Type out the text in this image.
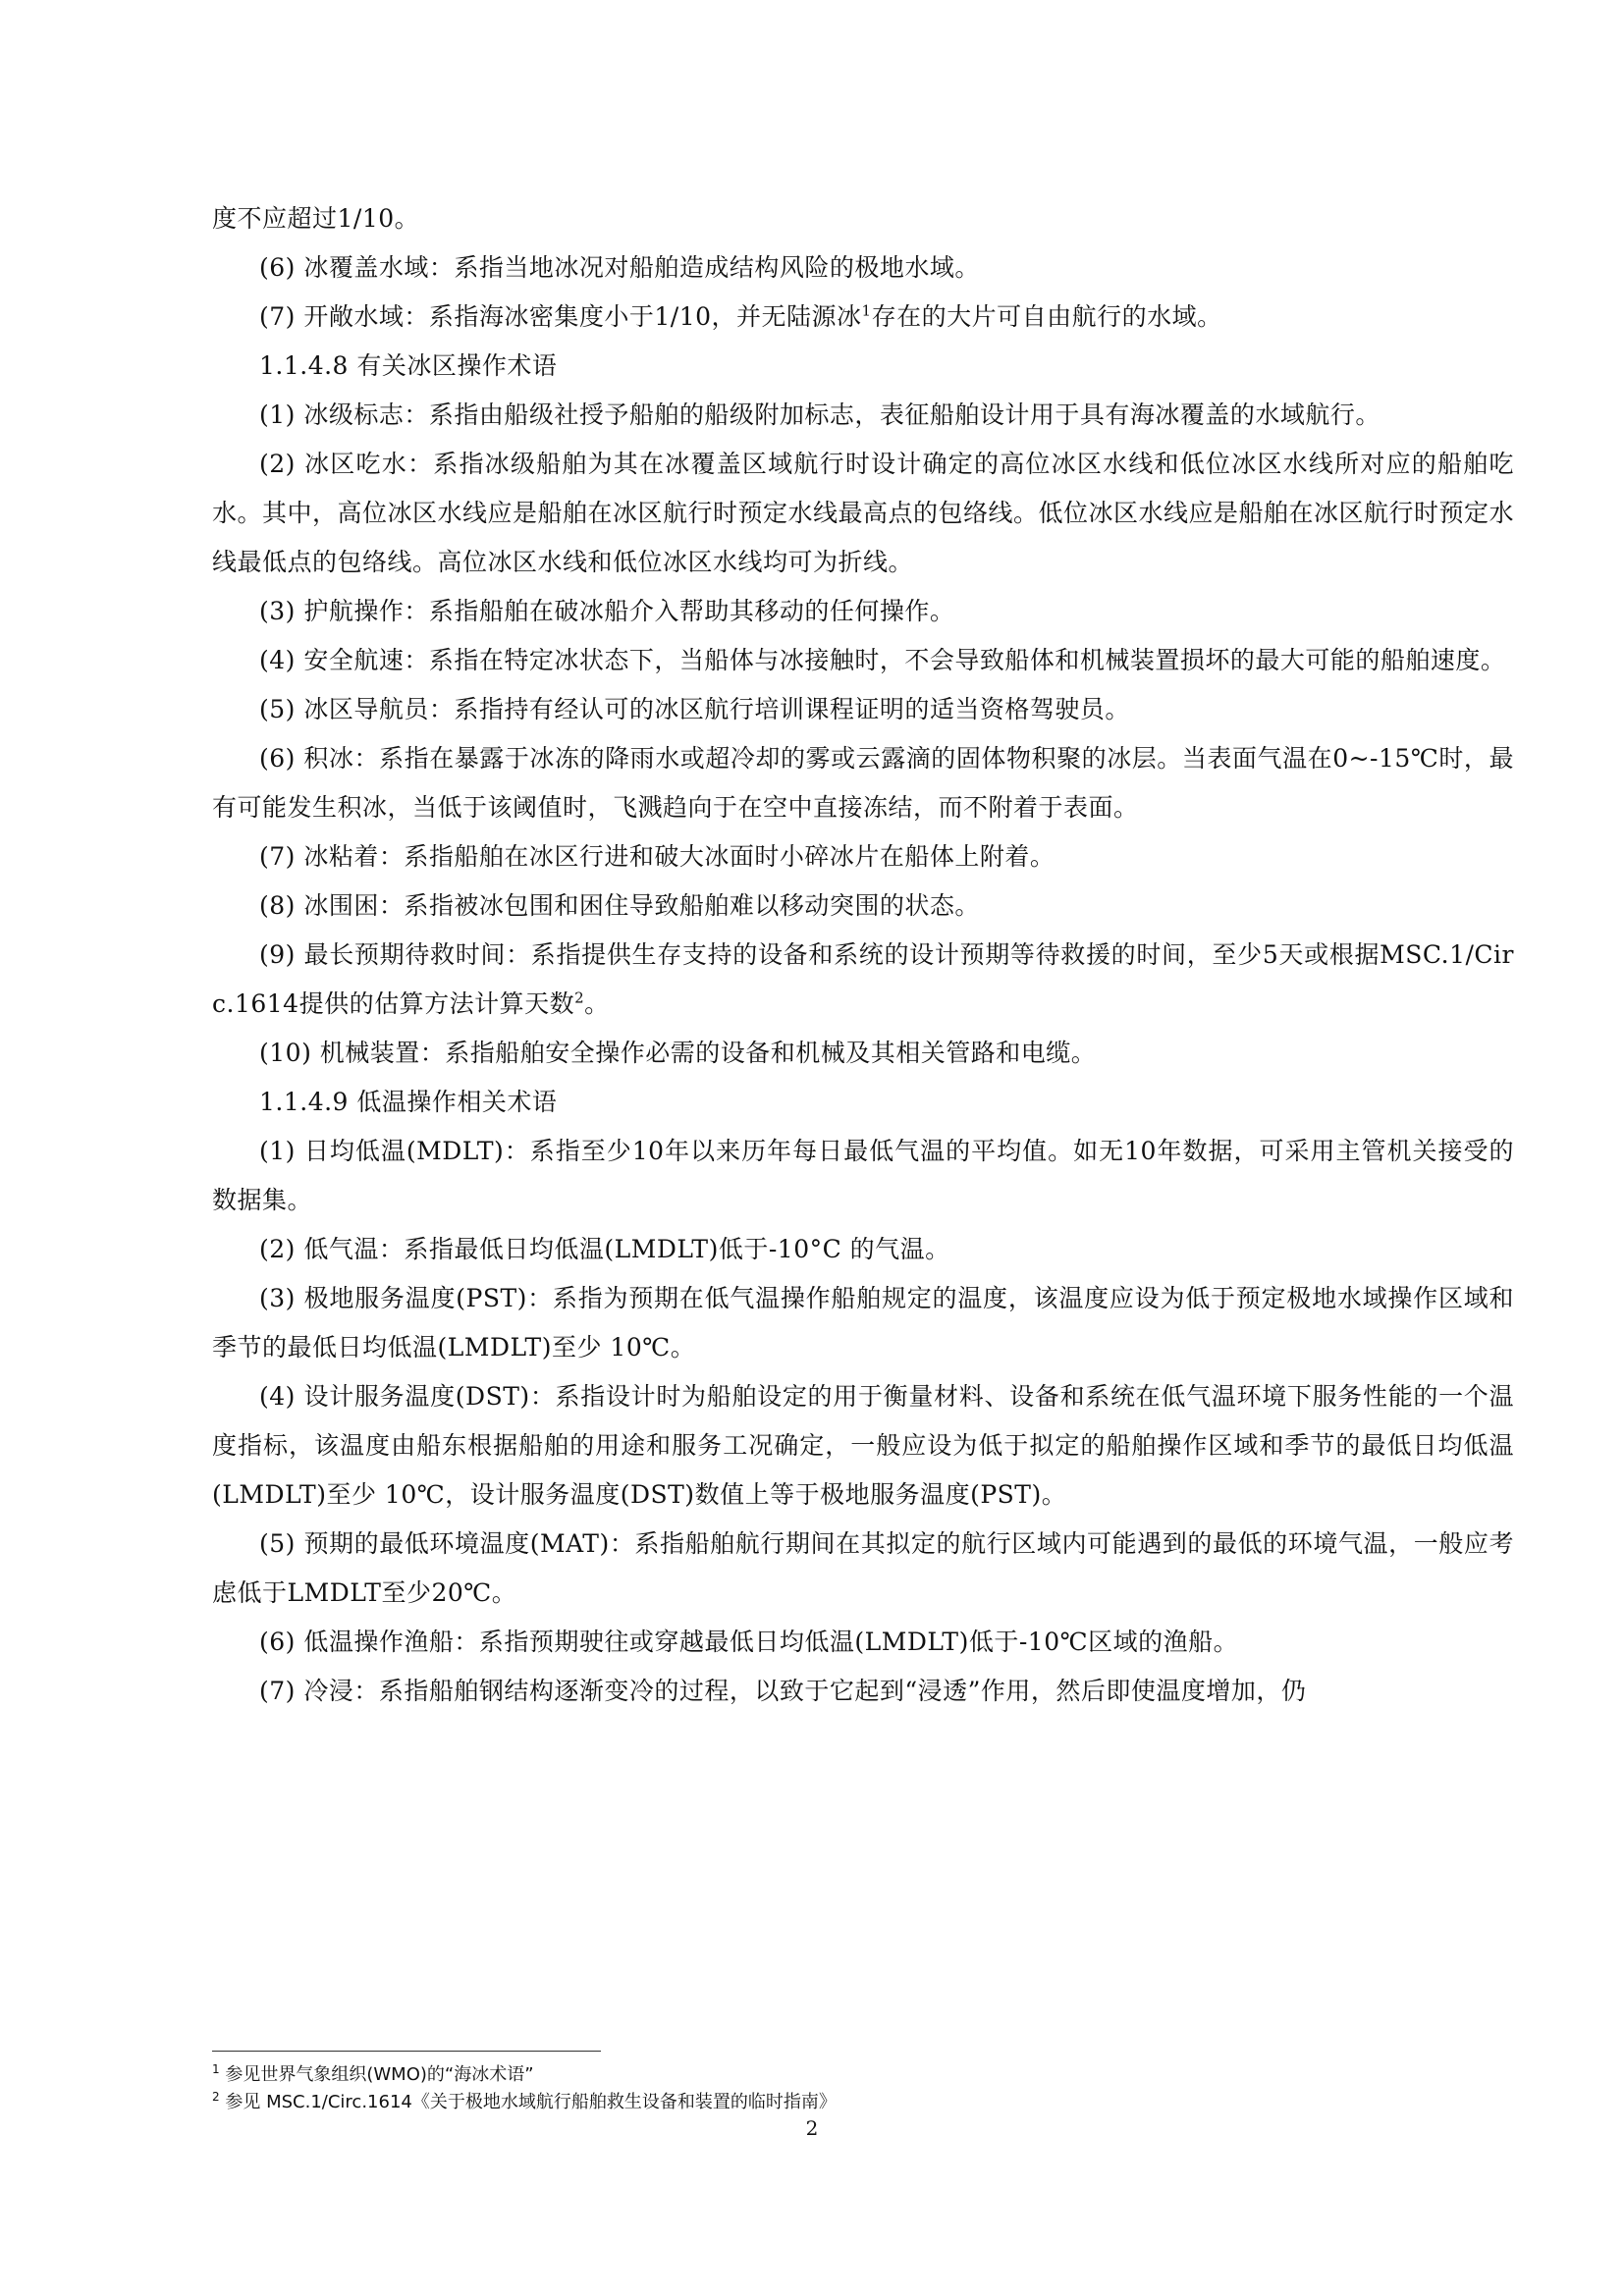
度不应超过1/10。

(6) 冰覆盖水域：系指当地冰况对船舶造成结构风险的极地水域。

(7) 开敞水域：系指海冰密集度小于1/10，并无陆源冰$^1$存在的大片可自由航行的水域。

1.1.4.8 有关冰区操作术语

(1) 冰级标志：系指由船级社授予船舶的船级附加标志，表征船舶设计用于具有海冰覆盖的水域航行。

(2) 冰区吃水：系指冰级船舶为其在冰覆盖区域航行时设计确定的高位冰区水线和低位冰区水线所对应的船舶吃水。其中，高位冰区水线应是船舶在冰区航行时预定水线最高点的包络线。低位冰区水线应是船舶在冰区航行时预定水线最低点的包络线。高位冰区水线和低位冰区水线均可为折线。

(3) 护航操作：系指船舶在破冰船介入帮助其移动的任何操作。

(4) 安全航速：系指在特定冰状态下，当船体与冰接触时，不会导致船体和机械装置损坏的最大可能的船舶速度。

(5) 冰区导航员：系指持有经认可的冰区航行培训课程证明的适当资格驾驶员。

(6) 积冰：系指在暴露于冰冻的降雨水或超冷却的雾或云露滴的固体物积聚的冰层。当表面气温在0~-15℃时，最有可能发生积冰，当低于该阈值时，飞溅趋向于在空中直接冻结，而不附着于表面。

(7) 冰粘着：系指船舶在冰区行进和破大冰面时小碎冰片在船体上附着。

(8) 冰围困：系指被冰包围和困住导致船舶难以移动突围的状态。

(9) 最长预期待救时间：系指提供生存支持的设备和系统的设计预期等待救援的时间，至少5天或根据MSC.1/Circ.1614提供的估算方法计算天数$^2$。

(10) 机械装置：系指船舶安全操作必需的设备和机械及其相关管路和电缆。

1.1.4.9 低温操作相关术语

(1) 日均低温(MDLT)：系指至少10年以来历年每日最低气温的平均值。如无10年数据，可采用主管机关接受的数据集。

(2) 低气温：系指最低日均低温(LMDLT)低于-10°C 的气温。

(3) 极地服务温度(PST)：系指为预期在低气温操作船舶规定的温度，该温度应设为低于预定极地水域操作区域和季节的最低日均低温(LMDLT)至少 10℃。

(4) 设计服务温度(DST)：系指设计时为船舶设定的用于衡量材料、设备和系统在低气温环境下服务性能的一个温度指标，该温度由船东根据船舶的用途和服务工况确定，一般应设为低于拟定的船舶操作区域和季节的最低日均低温(LMDLT)至少 10℃，设计服务温度(DST)数值上等于极地服务温度(PST)。

(5) 预期的最低环境温度(MAT)：系指船舶航行期间在其拟定的航行区域内可能遇到的最低的环境气温，一般应考虑低于LMDLT至少20℃。

(6) 低温操作渔船：系指预期驶往或穿越最低日均低温(LMDLT)低于-10℃区域的渔船。

(7) 冷浸：系指船舶钢结构逐渐变冷的过程，以致于它起到“浸透”作用，然后即使温度增加，仍

$^1$ 参见世界气象组织(WMO)的“海冰术语”

$^2$ 参见 MSC.1/Circ.1614《关于极地水域航行船舶救生设备和装置的临时指南》

2
